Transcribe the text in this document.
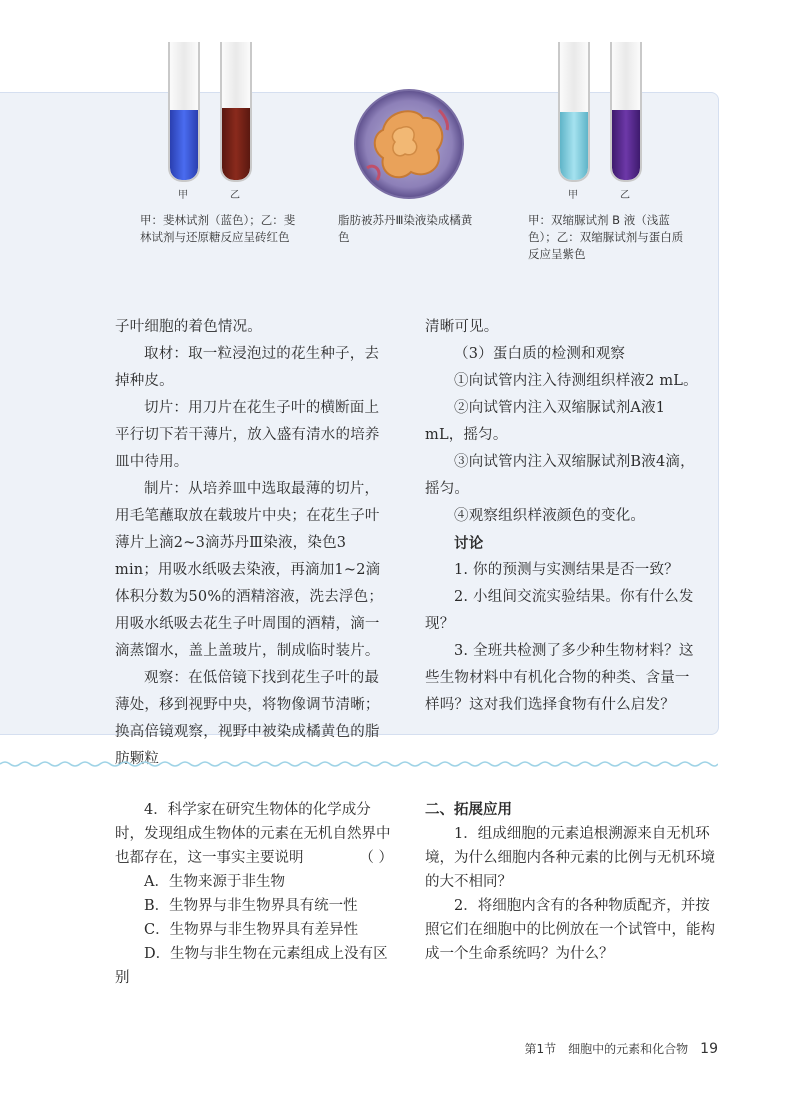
甲	乙	甲	乙
甲：斐林试剂（蓝色）；乙：斐林试剂与还原糖反应呈砖红色
脂肪被苏丹Ⅲ染液染成橘黄色
甲：双缩脲试剂 B 液（浅蓝色）；乙：双缩脲试剂与蛋白质反应呈紫色

子叶细胞的着色情况。

取材：取一粒浸泡过的花生种子，去掉种皮。

切片：用刀片在花生子叶的横断面上平行切下若干薄片，放入盛有清水的培养皿中待用。

制片：从培养皿中选取最薄的切片，用毛笔蘸取放在载玻片中央；在花生子叶薄片上滴2~3滴苏丹Ⅲ染液，染色3 min；用吸水纸吸去染液，再滴加1~2滴体积分数为50%的酒精溶液，洗去浮色；用吸水纸吸去花生子叶周围的酒精，滴一滴蒸馏水，盖上盖玻片，制成临时装片。

观察：在低倍镜下找到花生子叶的最薄处，移到视野中央，将物像调节清晰；换高倍镜观察，视野中被染成橘黄色的脂肪颗粒

清晰可见。

（3）蛋白质的检测和观察

①向试管内注入待测组织样液2 mL。

②向试管内注入双缩脲试剂A液1 mL，摇匀。

③向试管内注入双缩脲试剂B液4滴，摇匀。

④观察组织样液颜色的变化。

讨论

1. 你的预测与实测结果是否一致？

2. 小组间交流实验结果。你有什么发现？

3. 全班共检测了多少种生物材料？这些生物材料中有机化合物的种类、含量一样吗？这对我们选择食物有什么启发？

4．科学家在研究生物体的化学成分时，发现组成生物体的元素在无机自然界中也都存在，这一事实主要说明	（ ）

A．生物来源于非生物

B．生物界与非生物界具有统一性

C．生物界与非生物界具有差异性

D．生物与非生物在元素组成上没有区别

二、拓展应用

1．组成细胞的元素追根溯源来自无机环境，为什么细胞内各种元素的比例与无机环境的大不相同？

2．将细胞内含有的各种物质配齐，并按照它们在细胞中的比例放在一个试管中，能构成一个生命系统吗？为什么？

第1节　细胞中的元素和化合物 19
